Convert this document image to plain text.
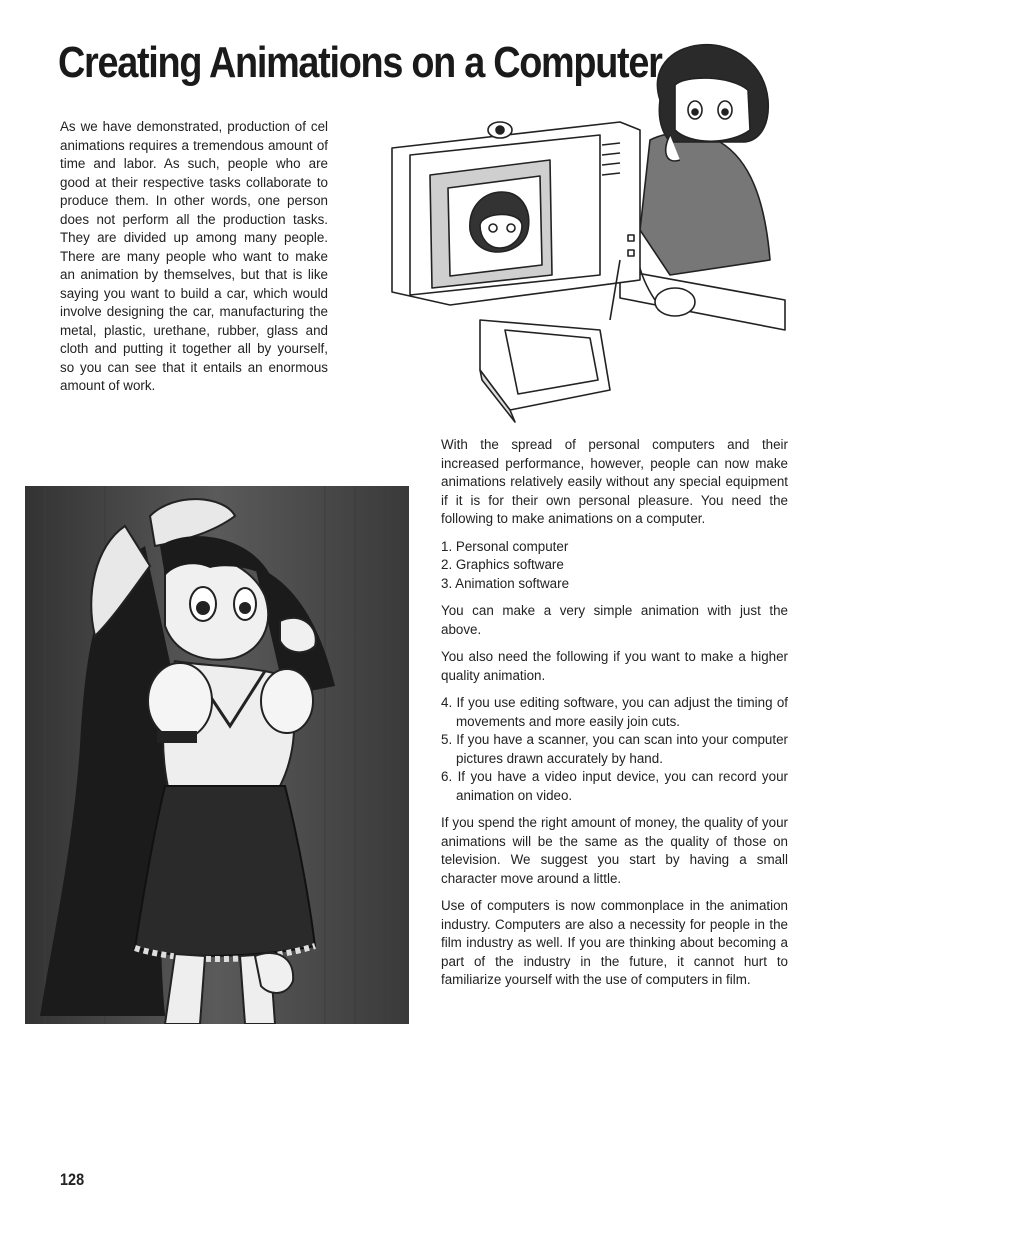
Creating Animations on a Computer

As we have demonstrated, production of cel animations requires a tremendous amount of time and labor. As such, people who are good at their respective tasks collaborate to produce them. In other words, one person does not perform all the production tasks. They are divided up among many people. There are many people who want to make an animation by themselves, but that is like saying you want to build a car, which would involve designing the car, manufacturing the metal, plastic, urethane, rubber, glass and cloth and putting it together all by yourself, so you can see that it entails an enormous amount of work.

With the spread of personal computers and their increased performance, however, people can now make animations relatively easily without any special equipment if it is for their own personal pleasure. You need the following to make animations on a computer.

1. Personal computer
2. Graphics software
3. Animation software

You can make a very simple animation with just the above.

You also need the following if you want to make a higher quality animation.

4. If you use editing software, you can adjust the timing of movements and more easily join cuts.
5. If you have a scanner, you can scan into your computer pictures drawn accurately by hand.
6. If you have a video input device, you can record your animation on video.

If you spend the right amount of money, the quality of your animations will be the same as the quality of those on television. We suggest you start by having a small character move around a little.

Use of computers is now commonplace in the animation industry. Computers are also a necessity for people in the film industry as well. If you are thinking about becoming a part of the industry in the future, it cannot hurt to familiarize yourself with the use of computers in film.

128
